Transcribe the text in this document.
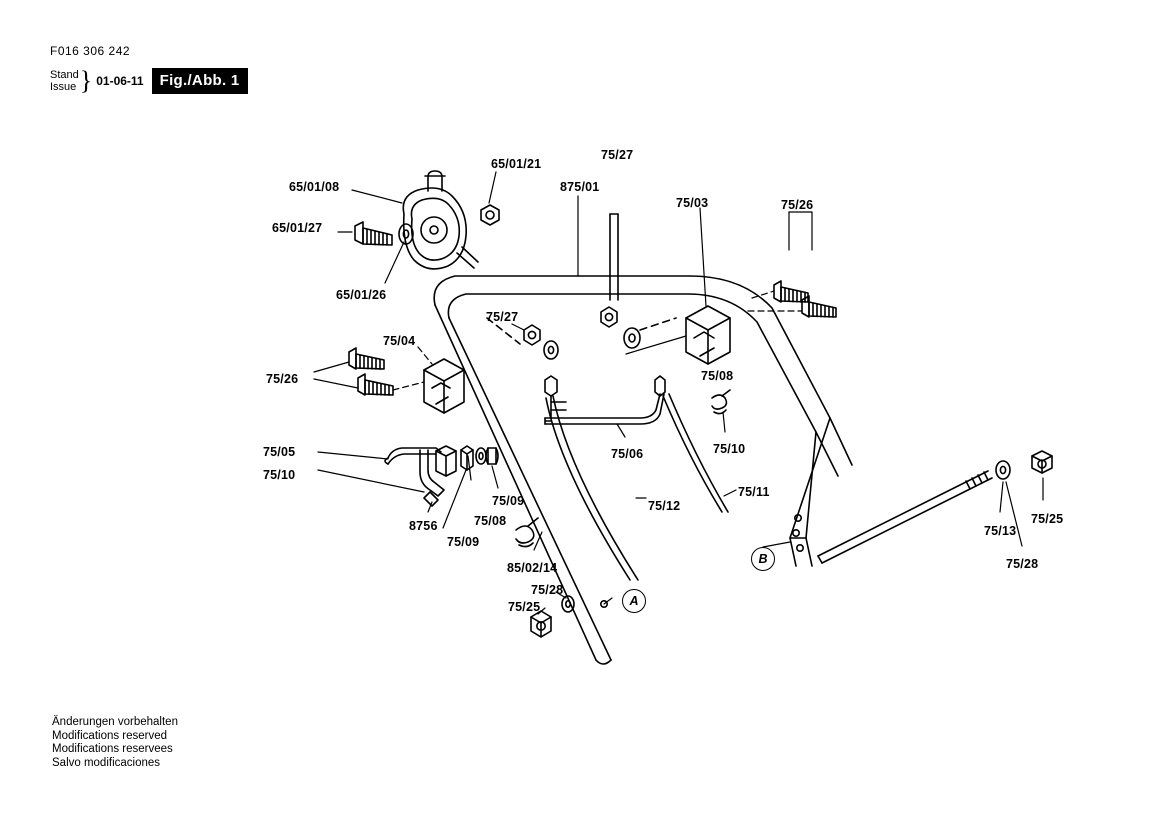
F016 306 242
Stand
Issue } 01-06-11	Fig./Abb. 1
65/01/08
65/01/21
75/27
875/01
75/03	75/26
65/01/27
65/01/26
75/27
75/04
75/26	75/08
75/06	75/10
75/05
75/10
75/09
75/11
75/12
75/08
8756
75/09
75/13
75/25
75/28
85/02/14
75/28
75/25	A
B
Änderungen vorbehalten
Modifications reserved
Modifications reservees
Salvo modificaciones
